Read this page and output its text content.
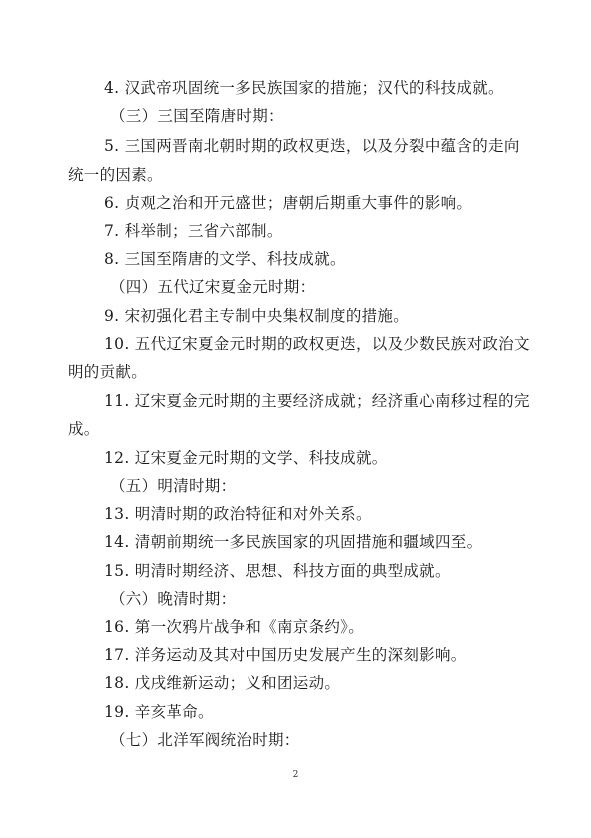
4. 汉武帝巩固统一多民族国家的措施；汉代的科技成就。
（三）三国至隋唐时期：
5. 三国两晋南北朝时期的政权更迭，以及分裂中蕴含的走向
统一的因素。
6. 贞观之治和开元盛世；唐朝后期重大事件的影响。
7. 科举制；三省六部制。
8. 三国至隋唐的文学、科技成就。
（四）五代辽宋夏金元时期：
9. 宋初强化君主专制中央集权制度的措施。
10. 五代辽宋夏金元时期的政权更迭，以及少数民族对政治文
明的贡献。
11. 辽宋夏金元时期的主要经济成就；经济重心南移过程的完
成。
12. 辽宋夏金元时期的文学、科技成就。
（五）明清时期：
13. 明清时期的政治特征和对外关系。
14. 清朝前期统一多民族国家的巩固措施和疆域四至。
15. 明清时期经济、思想、科技方面的典型成就。
（六）晚清时期：
16. 第一次鸦片战争和《南京条约》。
17. 洋务运动及其对中国历史发展产生的深刻影响。
18. 戊戌维新运动；义和团运动。
19. 辛亥革命。
（七）北洋军阀统治时期：
2
